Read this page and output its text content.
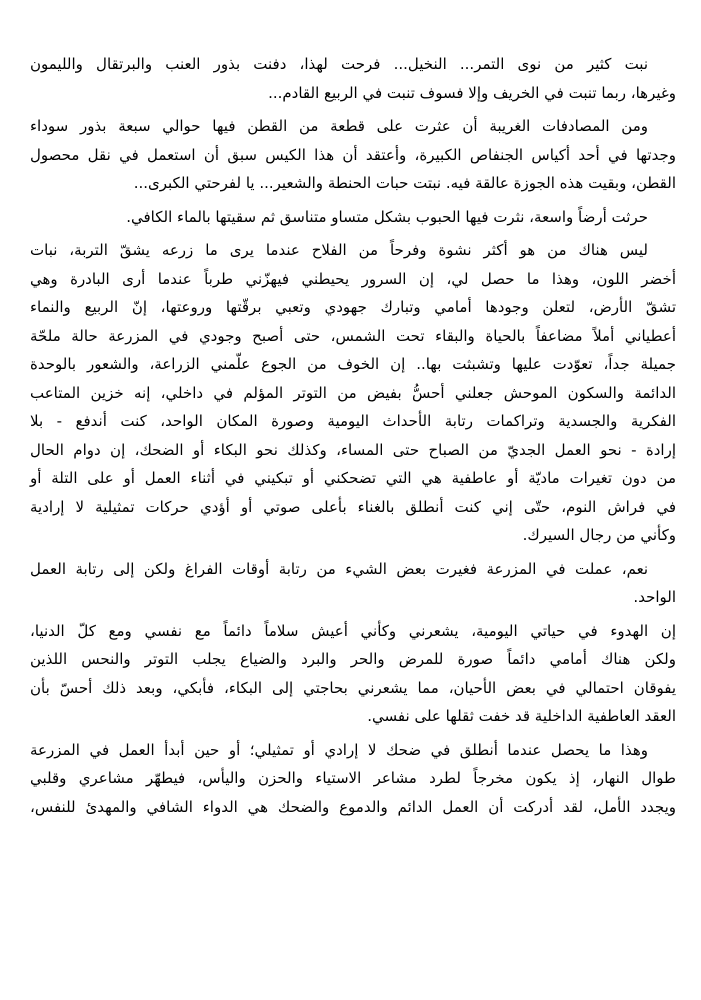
نبت كثير من نوى التمر... النخيل... فرحت لهذا، دفنت بذور العنب والبرتقال والليمون
وغيرها، ربما تنبت في الخريف وإلا فسوف تنبت في الربيع القادم...

ومن المصادفات الغريبة أن عثرت على قطعة من القطن فيها حوالي سبعة بذور سوداء
وجدتها في أحد أكياس الجنفاص الكبيرة، وأعتقد أن هذا الكيس سبق أن استعمل في نقل محصول
القطن، وبقيت هذه الجوزة عالقة فيه. نبتت حبات الحنطة والشعير... يا لفرحتي الكبرى...

حرثت أرضاً واسعة، نثرت فيها الحبوب بشكل متساو متناسق ثم سقيتها بالماء الكافي.

ليس هناك من هو أكثر نشوة وفرحاً من الفلاح عندما يرى ما زرعه يشقّ التربة، نبات
أخضر اللون، وهذا ما حصل لي، إن السرور يحيطني فيهزّني طرباً عندما أرى البادرة وهي
تشقّ الأرض، لتعلن وجودها أمامي وتبارك جهودي وتعبي برقّتها وروعتها، إنّ الربيع والنماء
أعطياني أملاً مضاعفاً بالحياة والبقاء تحت الشمس، حتى أصبح وجودي في المزرعة حالة ملحّة
جميلة جداً، تعوّدت عليها وتشبثت بها.. إن الخوف من الجوع علّمني الزراعة، والشعور بالوحدة
الدائمة والسكون الموحش جعلني أحسُّ بفيض من التوتر المؤلم في داخلي، إنه خزين المتاعب
الفكرية والجسدية وتراكمات رتابة الأحداث اليومية وصورة المكان الواحد، كنت أندفع - بلا
إرادة - نحو العمل الجديّ من الصباح حتى المساء، وكذلك نحو البكاء أو الضحك، إن دوام الحال
من دون تغيرات ماديّة أو عاطفية هي التي تضحكني أو تبكيني في أثناء العمل أو على التلة أو
في فراش النوم، حتّى إني كنت أنطلق بالغناء بأعلى صوتي أو أؤدي حركات تمثيلية لا إرادية
وكأني من رجال السيرك.

نعم، عملت في المزرعة فغيرت بعض الشيء من رتابة أوقات الفراغ ولكن إلى رتابة العمل
الواحد.

إن الهدوء في حياتي اليومية، يشعرني وكأني أعيش سلاماً دائماً مع نفسي ومع كلّ الدنيا،
ولكن هناك أمامي دائماً صورة للمرض والحر والبرد والضياع يجلب التوتر والنحس اللذين
يفوقان احتمالي في بعض الأحيان، مما يشعرني بحاجتي إلى البكاء، فأبكي، وبعد ذلك أحسّ بأن
العقد العاطفية الداخلية قد خفت ثقلها على نفسي.

وهذا ما يحصل عندما أنطلق في ضحك لا إرادي أو تمثيلي؛ أو حين أبدأ العمل في المزرعة
طوال النهار، إذ يكون مخرجاً لطرد مشاعر الاستياء والحزن واليأس، فيطهّر مشاعري وقلبي
ويجدد الأمل، لقد أدركت أن العمل الدائم والدموع والضحك هي الدواء الشافي والمهدئ للنفس،
